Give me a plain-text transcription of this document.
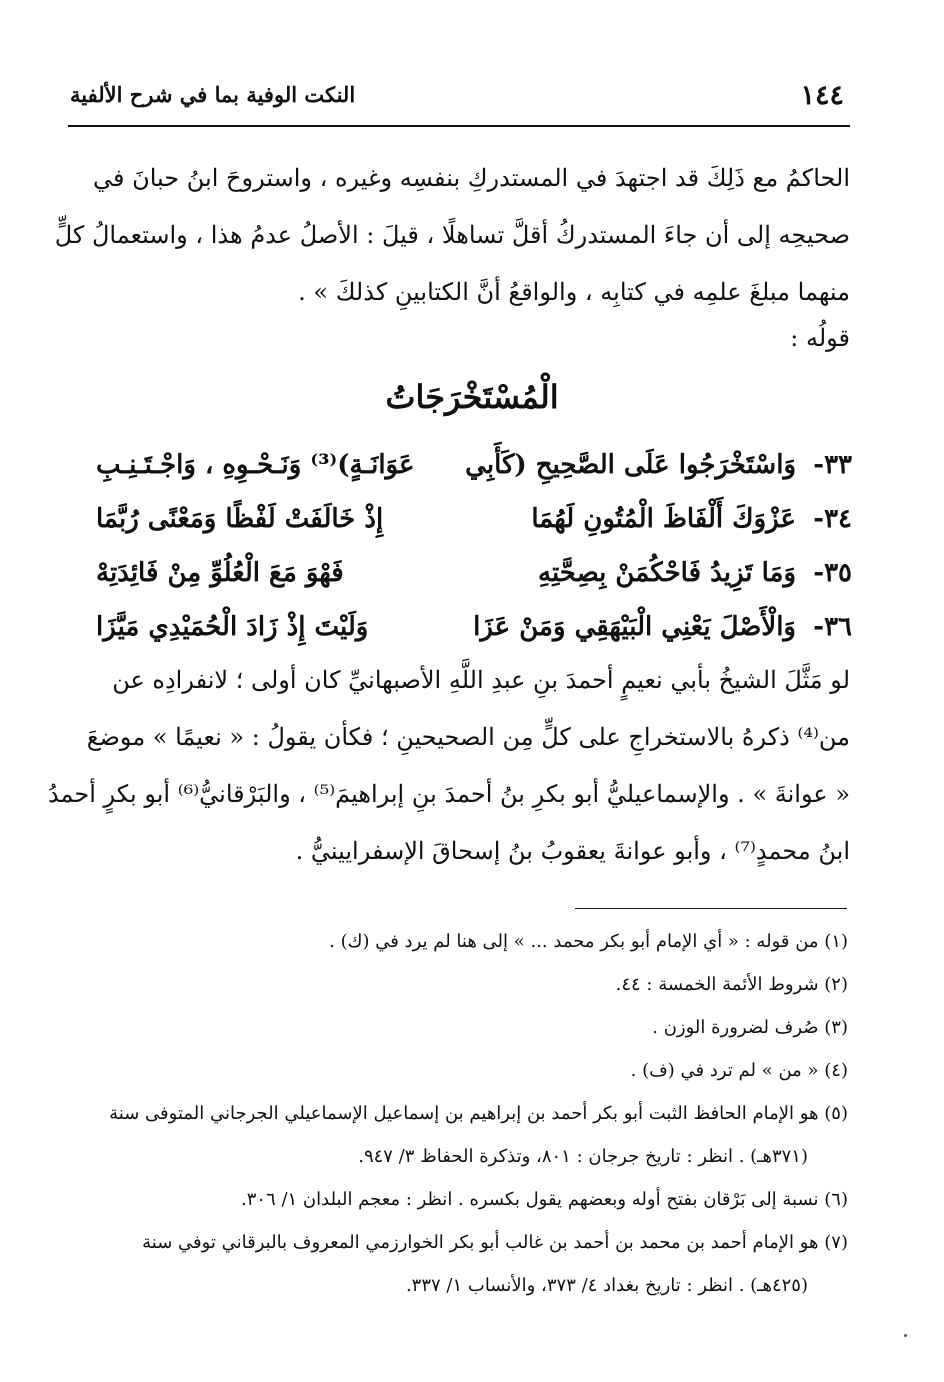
١٤٤
النكت الوفية بما في شرح الألفية
الحاكمُ مع ذَلِكَ قد اجتهدَ في المستدركِ بنفسِه وغيره ، واستروحَ ابنُ حبانَ في
صحيحِه إلى أن جاءَ المستدركُ أقلَّ تساهلًا ، قيلَ : الأصلُ عدمُ هذا ، واستعمالُ كلٍّ
منهما مبلغَ علمِه في كتابِه ، والواقعُ أنَّ الكتابينِ كذلكَ » .
قولُه :
الْمُسْتَخْرَجَاتُ
٣٣-
وَاسْتَخْرَجُوا عَلَى الصَّحِيحِ (كَأَبِي
عَوَانَـةٍ)⁽³⁾ وَنَـحْـوِهِ ، وَاجْـتَـنِـبِ
٣٤-
عَزْوَكَ أَلْفَاظَ الْمُتُونِ لَهُمَا
إِذْ خَالَفَتْ لَفْظًا وَمَعْنًى رُبَّمَا
٣٥-
وَمَا تَزِيدُ فَاحْكُمَنْ بِصِحَّتِهِ
فَهْوَ مَعَ الْعُلُوِّ مِنْ فَائِدَتِهْ
٣٦-
وَالْأَصْلَ يَعْنِي الْبَيْهَقِي وَمَنْ عَزَا
وَلَيْتَ إِذْ زَادَ الْحُمَيْدِي مَيَّزَا
لو مَثَّلَ الشيخُ بأبي نعيمٍ أحمدَ بنِ عبدِ اللَّهِ الأصبهانيِّ كان أولى ؛ لانفرادِه عن
من⁽⁴⁾ ذكرهُ بالاستخراجِ على كلٍّ مِن الصحيحينِ ؛ فكأن يقولُ : « نعيمًا » موضعَ
« عوانةَ » . والإسماعيليُّ أبو بكرِ بنُ أحمدَ بنِ إبراهيمَ⁽⁵⁾ ، والبَرْقانيُّ⁽⁶⁾ أبو بكرٍ أحمدُ
ابنُ محمدٍ⁽⁷⁾ ، وأبو عوانةَ يعقوبُ بنُ إسحاقَ الإسفرايينيُّ .
(١) من قوله : « أي الإمام أبو بكر محمد ... » إلى هنا لم يرد في (ك) .
(٢) شروط الأئمة الخمسة : ٤٤.
(٣) صُرف لضرورة الوزن .
(٤) « من » لم ترد في (ف) .
(٥) هو الإمام الحافظ الثبت أبو بكر أحمد بن إبراهيم بن إسماعيل الإسماعيلي الجرجاني المتوفى سنة
(٣٧١هـ) . انظر : تاريخ جرجان : ٨٠١، وتذكرة الحفاظ ٣/ ٩٤٧.
(٦) نسبة إلى بَرْقان بفتح أوله وبعضهم يقول بكسره . انظر : معجم البلدان ١/ ٣٠٦.
(٧) هو الإمام أحمد بن محمد بن أحمد بن غالب أبو بكر الخوارزمي المعروف بالبرقاني توفي سنة
(٤٢٥هـ) . انظر : تاريخ بغداد ٤/ ٣٧٣، والأنساب ١/ ٣٣٧.
